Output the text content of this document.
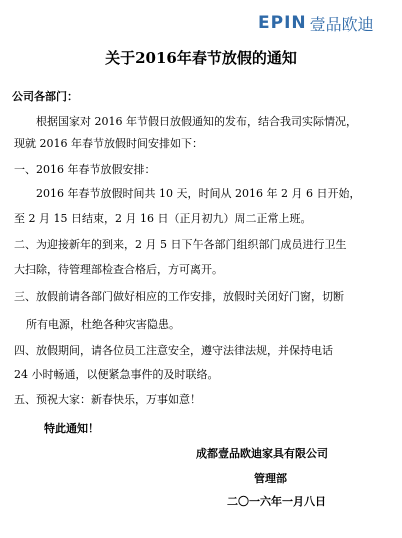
EPIN 壹品欧迪
关于2016年春节放假的通知
公司各部门：
根据国家对 2016 年节假日放假通知的发布，结合我司实际情况，
现就 2016 年春节放假时间安排如下：
一、2016 年春节放假安排：
2016 年春节放假时间共 10 天，时间从 2016 年 2 月 6 日开始，
至 2 月 15 日结束，2 月 16 日（正月初九）周二正常上班。
二、为迎接新年的到来，2 月 5 日下午各部门组织部门成员进行卫生
大扫除，待管理部检查合格后，方可离开。
三、放假前请各部门做好相应的工作安排，放假时关闭好门窗，切断
所有电源，杜绝各种灾害隐患。
四、放假期间，请各位员工注意安全，遵守法律法规，并保持电话
24 小时畅通，以便紧急事件的及时联络。
五、预祝大家：新春快乐，万事如意！
特此通知！
成都壹品欧迪家具有限公司
管理部
二〇一六年一月八日
